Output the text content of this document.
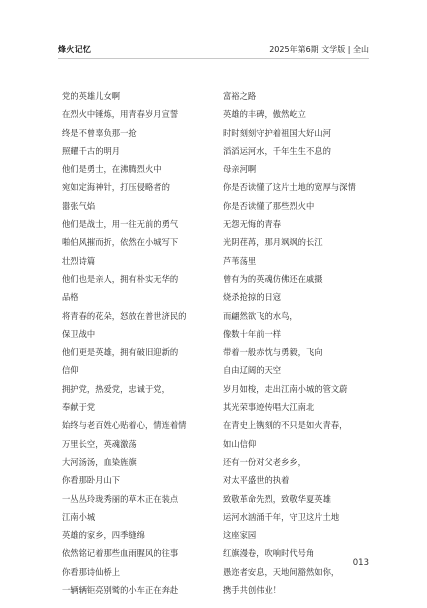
烽火记忆	2025年第6期 文学版 | 全山
党的英雄儿女啊
在烈火中锤炼，用青春岁月宣誓
终是不曾辜负那一抢
照耀千古的明月
他们是勇士，在沸腾烈火中
宛如定海神针，打压侵略者的
嚣张气焰
他们是战士，用一往无前的勇气
啪伯风摧而折，依然在小城写下
壮烈诗篇
他们也是亲人，拥有朴实无华的
品格
将青春的花朵，怒放在普世济民的
保卫战中
他们更是英雄，拥有破旧迎新的
信仰
拥护党，热爱党，忠诚于党，
奉献于党
始终与老百姓心贴着心，情连着情
万里长空，英魂激荡
大河汤汤，血染旌旗
你看那卧月山下
一丛丛玲珑秀丽的草木正在装点
江南小城
英雄的家乡，四季缝绵
依然铭记着那些血雨腥风的往事
你看那诗仙桥上
一辆辆钜亮别鹫的小车正在奔赴
富裕之路
英雄的丰碑，傲然屹立
时时刻刻守护着祖国大好山河
滔滔运河水，千年生生不息的
母亲河啊
你是否读懂了这片土地的宽厚与深情
你是否读懂了那些烈火中
无怨无悔的青春
光阴荏苒，那月飒飒的长江
芦苇荡里
曾有为的英魂仿佛还在戚摄
烧杀抢掠的日寇
而翩然欲飞的水鸟，
像数十年前一样
带着一般赤忱与勇毅，飞向
自由辽阔的天空
岁月如梭，走出江南小城的管文蔚
其光荣事迹传唱大江南北
在青史上镌刻的不只是如火青春，
如山信仰
还有一份对父老乡乡，
对太平盛世的执着
致敬革命先烈，致敬华夏英雄
运河水汹涌千年，守卫这片土地
这座家园
红旗漫卷，吹响时代号角
愚迩者安息，天地间豁然如你，
携手共创伟业！
013
